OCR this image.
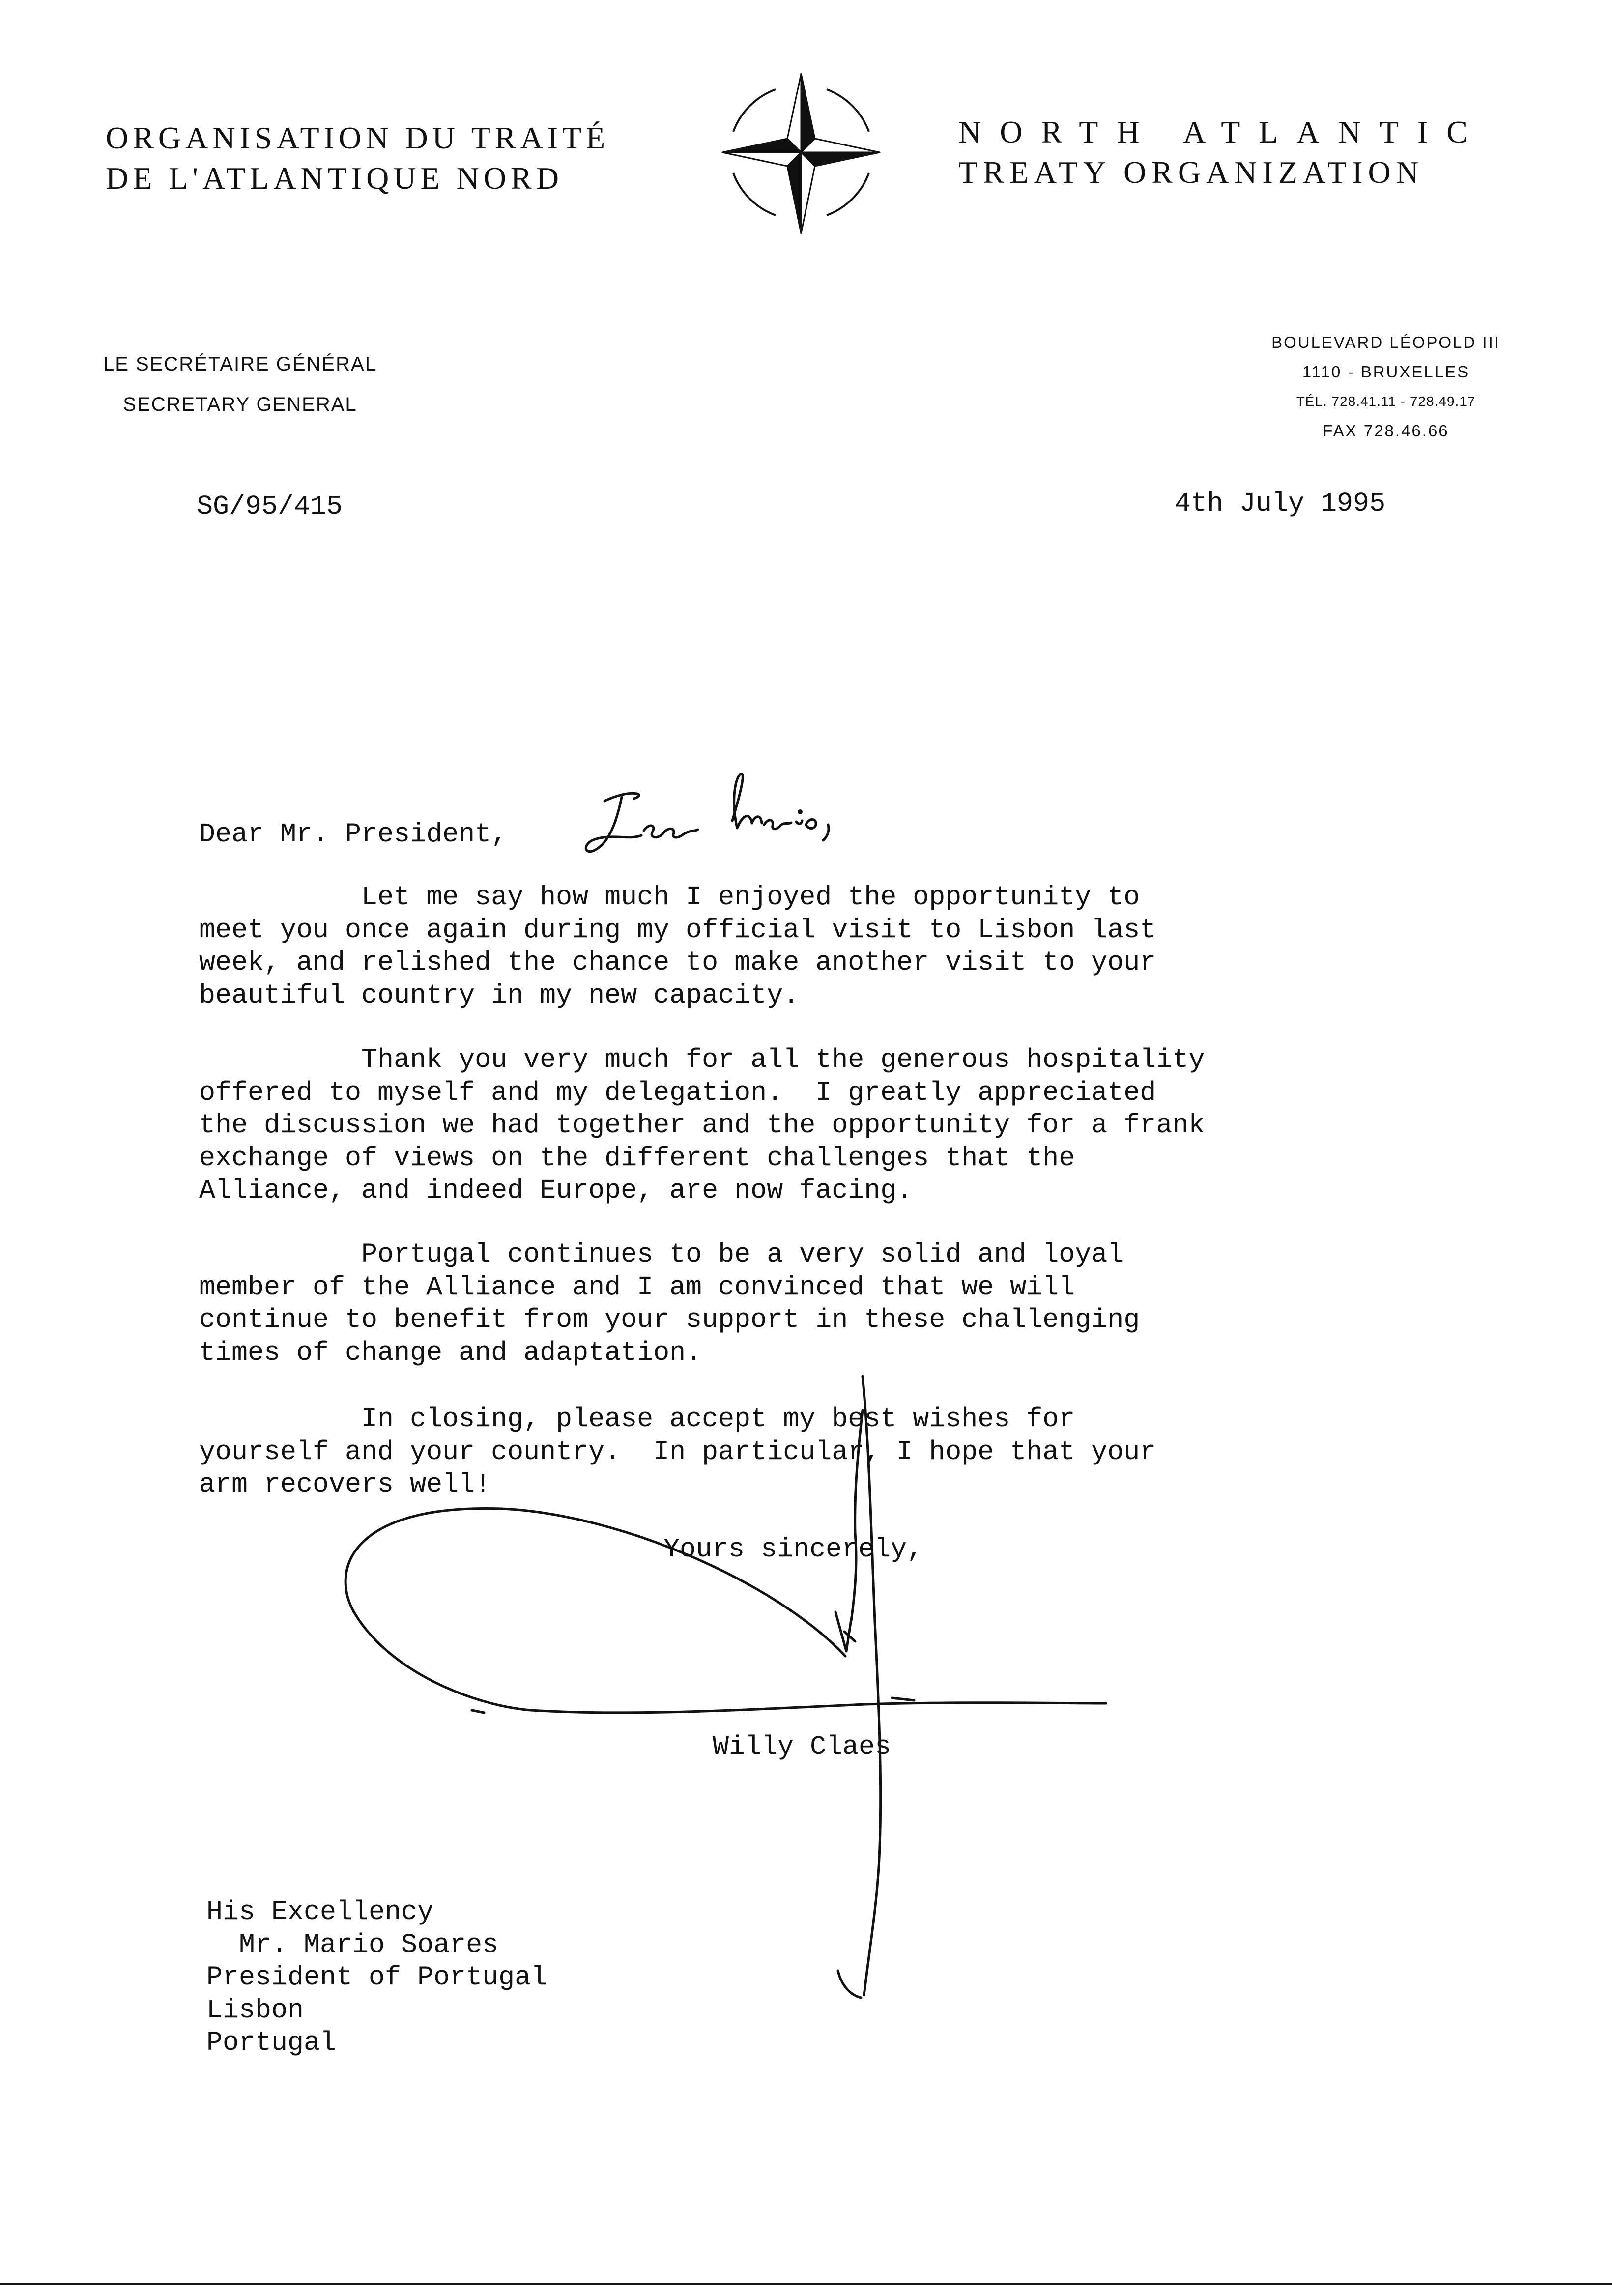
ORGANISATION DU TRAITÉ
DE L'ATLANTIQUE NORD
NORTH ATLANTIC
TREATY ORGANIZATION
LE SECRÉTAIRE GÉNÉRAL
SECRETARY GENERAL
BOULEVARD LÉOPOLD III
1110 - BRUXELLES
TÉL. 728.41.11 - 728.49.17
FAX 728.46.66
SG/95/415	4th July 1995
Dear Mr. President,
Let me say how much I enjoyed the opportunity to
meet you once again during my official visit to Lisbon last
week, and relished the chance to make another visit to your
beautiful country in my new capacity.
Thank you very much for all the generous hospitality
offered to myself and my delegation.  I greatly appreciated
the discussion we had together and the opportunity for a frank
exchange of views on the different challenges that the
Alliance, and indeed Europe, are now facing.
Portugal continues to be a very solid and loyal
member of the Alliance and I am convinced that we will
continue to benefit from your support in these challenging
times of change and adaptation.
In closing, please accept my best wishes for
yourself and your country.  In particular, I hope that your
arm recovers well!
Yours sincerely,
Willy Claes
His Excellency
Mr. Mario Soares
President of Portugal
Lisbon
Portugal
